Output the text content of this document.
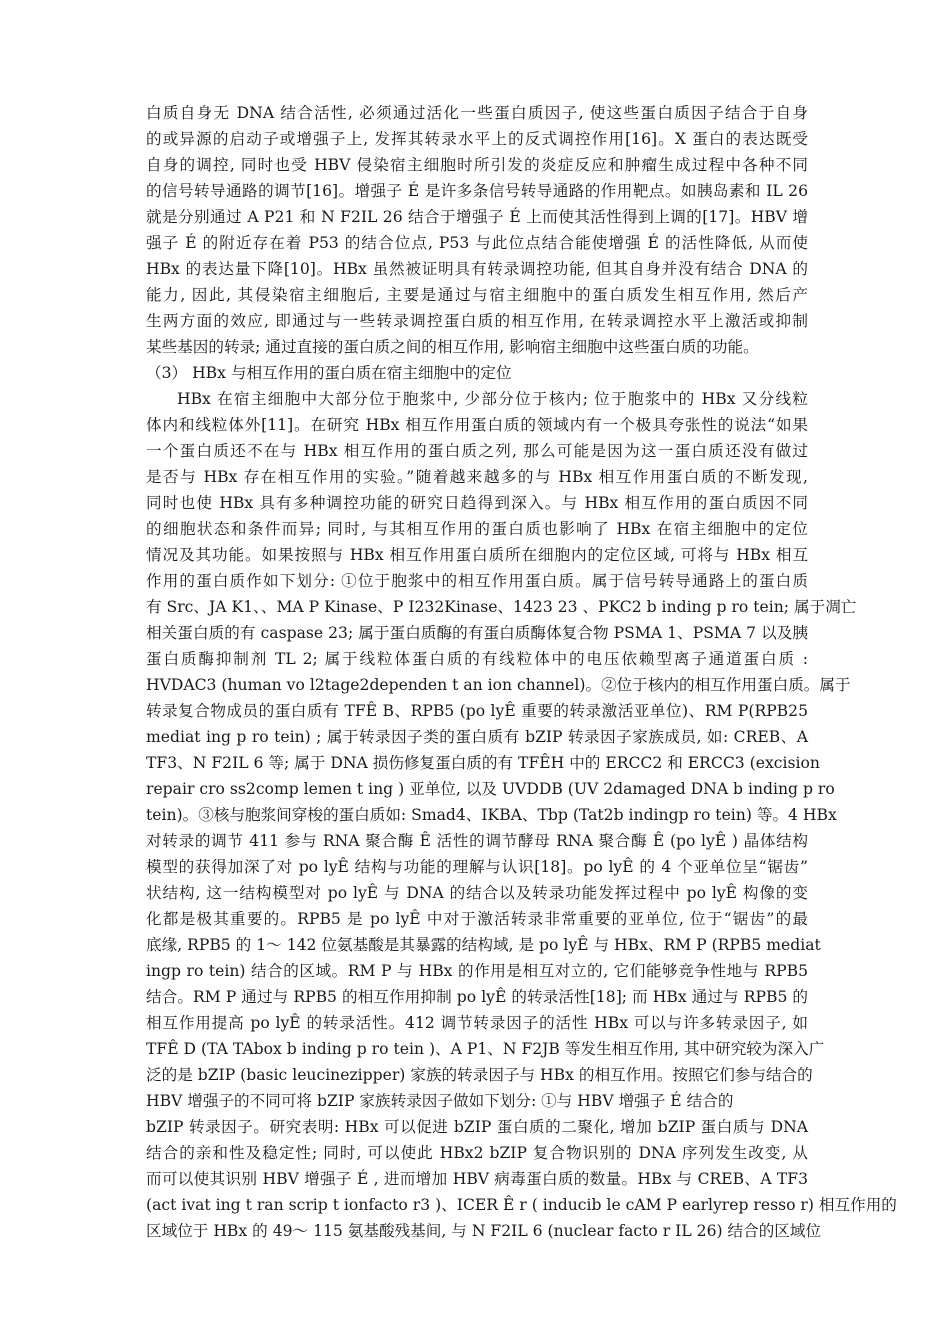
白质自身无 DNA 结合活性, 必须通过活化一些蛋白质因子, 使这些蛋白质因子结合于自身
的或异源的启动子或增强子上, 发挥其转录水平上的反式调控作用[16]。X 蛋白的表达既受
自身的调控, 同时也受 HBV 侵染宿主细胞时所引发的炎症反应和肿瘤生成过程中各种不同
的信号转导通路的调节[16]。增强子 É 是许多条信号转导通路的作用靶点。如胰岛素和 IL 26
就是分别通过 A P21 和 N F2IL 26 结合于增强子 É 上而使其活性得到上调的[17]。HBV 增
强子 É 的附近存在着 P53 的结合位点, P53 与此位点结合能使增强 É 的活性降低, 从而使
HBx 的表达量下降[10]。HBx 虽然被证明具有转录调控功能, 但其自身并没有结合 DNA 的
能力, 因此, 其侵染宿主细胞后, 主要是通过与宿主细胞中的蛋白质发生相互作用, 然后产
生两方面的效应, 即通过与一些转录调控蛋白质的相互作用, 在转录调控水平上激活或抑制
某些基因的转录; 通过直接的蛋白质之间的相互作用, 影响宿主细胞中这些蛋白质的功能。
（3） HBx 与相互作用的蛋白质在宿主细胞中的定位
HBx 在宿主细胞中大部分位于胞浆中, 少部分位于核内; 位于胞浆中的 HBx 又分线粒
体内和线粒体外[11]。在研究 HBx 相互作用蛋白质的领域内有一个极具夸张性的说法“如果
一个蛋白质还不在与 HBx 相互作用的蛋白质之列, 那么可能是因为这一蛋白质还没有做过
是否与 HBx 存在相互作用的实验。”随着越来越多的与 HBx 相互作用蛋白质的不断发现,
同时也使 HBx 具有多种调控功能的研究日趋得到深入。与 HBx 相互作用的蛋白质因不同
的细胞状态和条件而异; 同时, 与其相互作用的蛋白质也影响了 HBx 在宿主细胞中的定位
情况及其功能。如果按照与 HBx 相互作用蛋白质所在细胞内的定位区域, 可将与 HBx 相互
作用的蛋白质作如下划分: ①位于胞浆中的相互作用蛋白质。属于信号转导通路上的蛋白质
有 Src、JA K1、、MA P Kinase、P I232Kinase、1423 23 、PKC2 b inding p ro tein; 属于凋亡
相关蛋白质的有 caspase 23; 属于蛋白质酶的有蛋白质酶体复合物 PSMA 1、PSMA 7 以及胰
蛋白质酶抑制剂 TL 2; 属于线粒体蛋白质的有线粒体中的电压依赖型离子通道蛋白质 :
HVDAC3 (human vo l2tage2dependen t an ion channel)。②位于核内的相互作用蛋白质。属于
转录复合物成员的蛋白质有 TFÊ B、RPB5 (po lyÊ 重要的转录激活亚单位)、RM P(RPB25
mediat ing p ro tein) ; 属于转录因子类的蛋白质有 bZIP 转录因子家族成员, 如: CREB、A
TF3、N F2IL 6 等; 属于 DNA 损伤修复蛋白质的有 TFÊH 中的 ERCC2 和 ERCC3 (excision
repair cro ss2comp lemen t ing ) 亚单位, 以及 UVDDB (UV 2damaged DNA b inding p ro
tein)。③核与胞浆间穿梭的蛋白质如: Smad4、IKBA、Tbp (Tat2b indingp ro tein) 等。4 HBx
对转录的调节 411 参与 RNA 聚合酶 Ê 活性的调节酵母 RNA 聚合酶 Ê (po lyÊ ) 晶体结构
模型的获得加深了对 po lyÊ 结构与功能的理解与认识[18]。po lyÊ 的 4 个亚单位呈“锯齿”
状结构, 这一结构模型对 po lyÊ 与 DNA 的结合以及转录功能发挥过程中 po lyÊ 构像的变
化都是极其重要的。RPB5 是 po lyÊ 中对于激活转录非常重要的亚单位, 位于“锯齿”的最
底缘, RPB5 的 1～ 142 位氨基酸是其暴露的结构域, 是 po lyÊ 与 HBx、RM P (RPB5 mediat
ingp ro tein) 结合的区域。RM P 与 HBx 的作用是相互对立的, 它们能够竞争性地与 RPB5
结合。RM P 通过与 RPB5 的相互作用抑制 po lyÊ 的转录活性[18]; 而 HBx 通过与 RPB5 的
相互作用提高 po lyÊ 的转录活性。412 调节转录因子的活性 HBx 可以与许多转录因子, 如
TFÊ D (TA TAbox b inding p ro tein )、A P1、N F2JB 等发生相互作用, 其中研究较为深入广
泛的是 bZIP (basic leucinezipper) 家族的转录因子与 HBx 的相互作用。按照它们参与结合的
HBV 增强子的不同可将 bZIP 家族转录因子做如下划分: ①与 HBV 增强子 É 结合的
bZIP 转录因子。研究表明: HBx 可以促进 bZIP 蛋白质的二聚化, 增加 bZIP 蛋白质与 DNA
结合的亲和性及稳定性; 同时, 可以使此 HBx2 bZIP 复合物识别的 DNA 序列发生改变, 从
而可以使其识别 HBV 增强子 É , 进而增加 HBV 病毒蛋白质的数量。HBx 与 CREB、A TF3
(act ivat ing t ran scrip t ionfacto r3 )、ICER Ê r ( inducib le cAM P earlyrep resso r) 相互作用的
区域位于 HBx 的 49～ 115 氨基酸残基间, 与 N F2IL 6 (nuclear facto r IL 26) 结合的区域位
